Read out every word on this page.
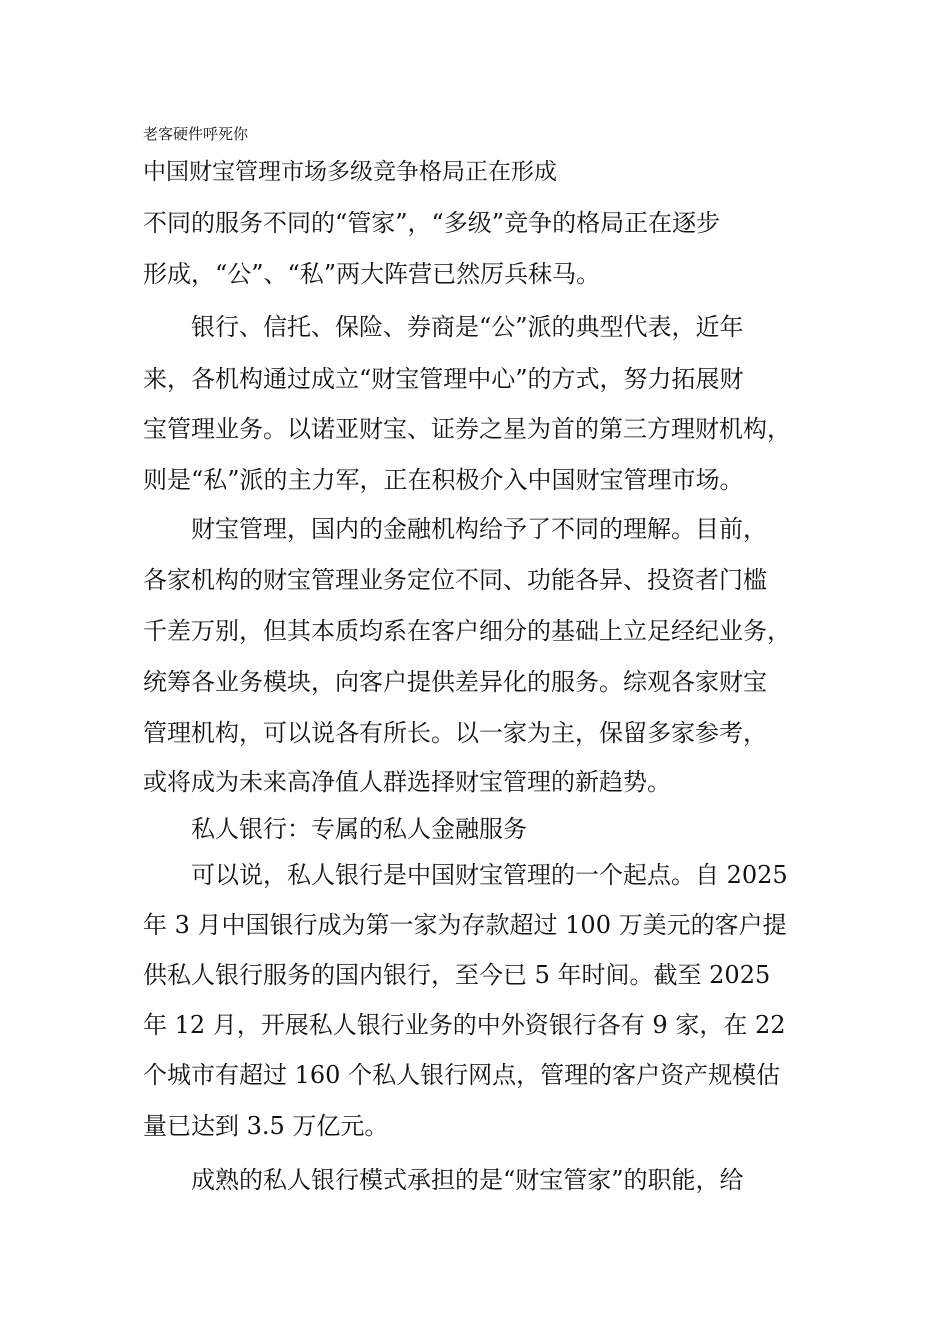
老客硬件呼死你
中国财宝管理市场多级竞争格局正在形成
不同的服务不同的“管家”，“多级”竞争的格局正在逐步
形成，“公”、“私”两大阵营已然厉兵秣马。
银行、信托、保险、券商是“公”派的典型代表，近年
来，各机构通过成立“财宝管理中心”的方式，努力拓展财
宝管理业务。以诺亚财宝、证券之星为首的第三方理财机构，
则是“私”派的主力军，正在积极介入中国财宝管理市场。
财宝管理，国内的金融机构给予了不同的理解。目前，
各家机构的财宝管理业务定位不同、功能各异、投资者门槛
千差万别，但其本质均系在客户细分的基础上立足经纪业务，
统筹各业务模块，向客户提供差异化的服务。综观各家财宝
管理机构，可以说各有所长。以一家为主，保留多家参考，
或将成为未来高净值人群选择财宝管理的新趋势。
私人银行：专属的私人金融服务
可以说，私人银行是中国财宝管理的一个起点。自 2025
年 3 月中国银行成为第一家为存款超过 100 万美元的客户提
供私人银行服务的国内银行，至今已 5 年时间。截至 2025
年 12 月，开展私人银行业务的中外资银行各有 9 家，在 22
个城市有超过 160 个私人银行网点，管理的客户资产规模估
量已达到 3.5 万亿元。
成熟的私人银行模式承担的是“财宝管家”的职能，给
